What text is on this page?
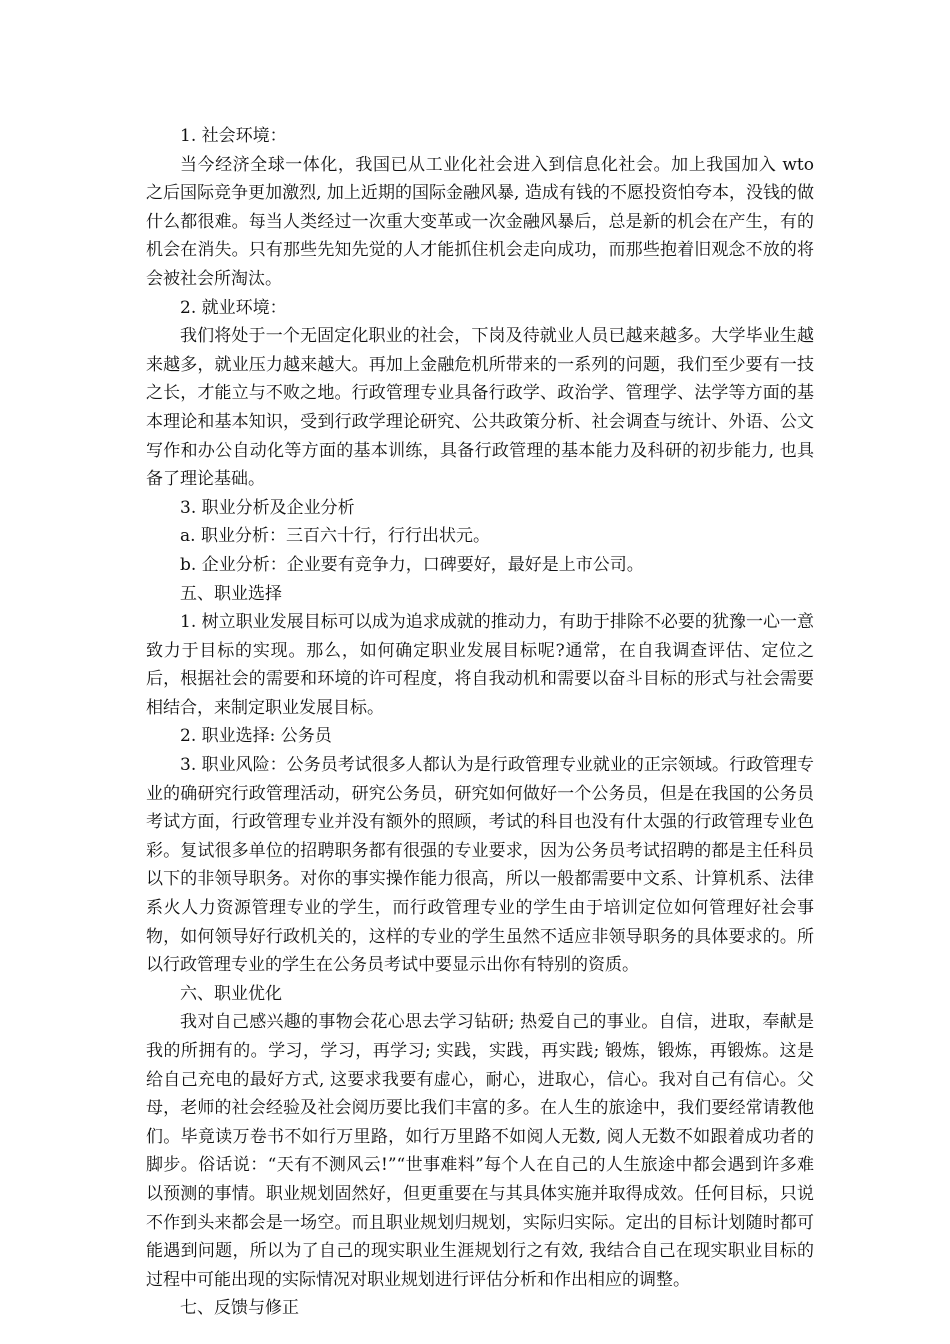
1. 社会环境：

当今经济全球一体化，我国已从工业化社会进入到信息化社会。加上我国加入 wto 之后国际竞争更加激烈, 加上近期的国际金融风暴, 造成有钱的不愿投资怕夸本，没钱的做什么都很难。每当人类经过一次重大变革或一次金融风暴后，总是新的机会在产生，有的机会在消失。只有那些先知先觉的人才能抓住机会走向成功，而那些抱着旧观念不放的将会被社会所淘汰。

2. 就业环境：

我们将处于一个无固定化职业的社会，下岗及待就业人员已越来越多。大学毕业生越来越多，就业压力越来越大。再加上金融危机所带来的一系列的问题，我们至少要有一技之长，才能立与不败之地。行政管理专业具备行政学、政治学、管理学、法学等方面的基本理论和基本知识，受到行政学理论研究、公共政策分析、社会调查与统计、外语、公文写作和办公自动化等方面的基本训练，具备行政管理的基本能力及科研的初步能力, 也具备了理论基础。

3. 职业分析及企业分析

a. 职业分析：三百六十行，行行出状元。

b. 企业分析：企业要有竞争力，口碑要好，最好是上市公司。

五、职业选择

1. 树立职业发展目标可以成为追求成就的推动力，有助于排除不必要的犹豫一心一意致力于目标的实现。那么，如何确定职业发展目标呢?通常，在自我调查评估、定位之后，根据社会的需要和环境的许可程度，将自我动机和需要以奋斗目标的形式与社会需要相结合，来制定职业发展目标。

2. 职业选择: 公务员

3. 职业风险：公务员考试很多人都认为是行政管理专业就业的正宗领域。行政管理专业的确研究行政管理活动，研究公务员，研究如何做好一个公务员，但是在我国的公务员考试方面，行政管理专业并没有额外的照顾，考试的科目也没有什太强的行政管理专业色彩。复试很多单位的招聘职务都有很强的专业要求，因为公务员考试招聘的都是主任科员以下的非领导职务。对你的事实操作能力很高，所以一般都需要中文系、计算机系、法律系火人力资源管理专业的学生，而行政管理专业的学生由于培训定位如何管理好社会事物，如何领导好行政机关的，这样的专业的学生虽然不适应非领导职务的具体要求的。所以行政管理专业的学生在公务员考试中要显示出你有特别的资质。

六、职业优化

我对自己感兴趣的事物会花心思去学习钻研; 热爱自己的事业。自信，进取，奉献是我的所拥有的。学习，学习，再学习; 实践，实践，再实践; 锻炼，锻炼，再锻炼。这是给自己充电的最好方式, 这要求我要有虚心，耐心，进取心，信心。我对自己有信心。父母，老师的社会经验及社会阅历要比我们丰富的多。在人生的旅途中，我们要经常请教他们。毕竟读万卷书不如行万里路，如行万里路不如阅人无数, 阅人无数不如跟着成功者的脚步。俗话说：“天有不测风云!”“世事难料”每个人在自己的人生旅途中都会遇到许多难以预测的事情。职业规划固然好，但更重要在与其具体实施并取得成效。任何目标，只说不作到头来都会是一场空。而且职业规划归规划，实际归实际。定出的目标计划随时都可能遇到问题，所以为了自己的现实职业生涯规划行之有效, 我结合自己在现实职业目标的过程中可能出现的实际情况对职业规划进行评估分析和作出相应的调整。

七、反馈与修正
